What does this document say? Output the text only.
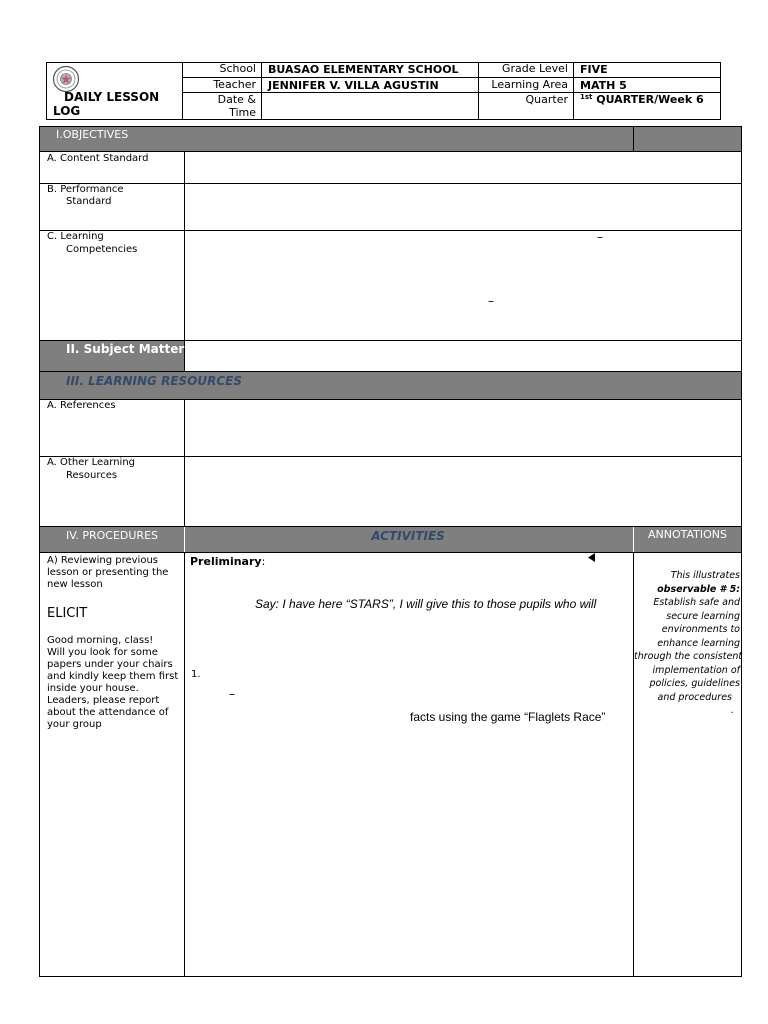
DAILY LESSON
LOG
School BUASAO ELEMENTARY SCHOOL
Teacher JENNIFER V. VILLA AGUSTIN
Date &
Time
Grade Level FIVE
Learning Area MATH 5
Quarter $^{1st}$ QUARTER/Week 6
I.OBJECTIVES
A. Content Standard
B. Performance
Standard
C. Learning
Competencies
–
–
II. Subject Matter:
III. LEARNING RESOURCES
A. References
A. Other Learning
Resources
IV. PROCEDURES	ACTIVITIES	ANNOTATIONS
A) Reviewing previous
lesson or presenting the
new lesson
ELICIT
Good morning, class!
Will you look for some
papers under your chairs
and kindly keep them first
inside your house.
Leaders, please report
about the attendance of
your group
Preliminary:
Say: I have here “STARS”, I will give this to those pupils who will
1.
–
facts using the game “Flaglets Race”
This illustrates
observable # 5:
Establish safe and
secure learning
environments to
enhance learning
through the consistent
implementation of
policies, guidelines
and procedures
.
